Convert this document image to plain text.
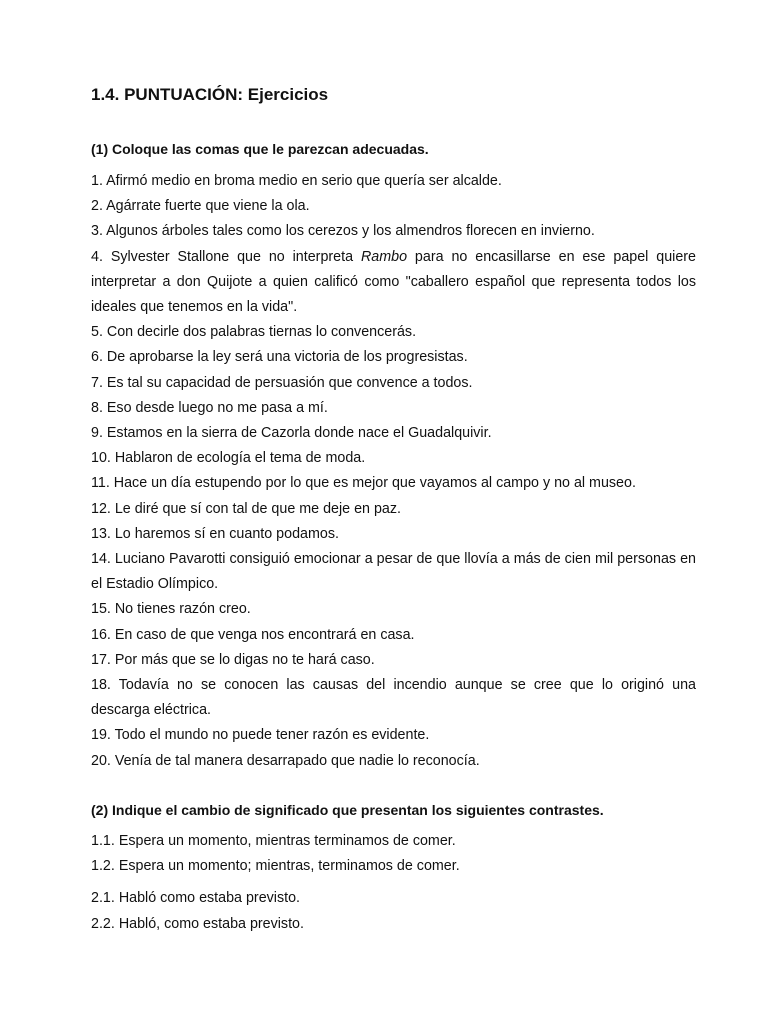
1.4. PUNTUACIÓN: Ejercicios
(1) Coloque las comas que le parezcan adecuadas.

1. Afirmó medio en broma medio en serio que quería ser alcalde.

2. Agárrate fuerte que viene la ola.

3. Algunos árboles tales como los cerezos y los almendros florecen en invierno.

4. Sylvester Stallone que no interpreta Rambo para no encasillarse en ese papel quiere interpretar a don Quijote a quien calificó como "caballero español que representa todos los ideales que tenemos en la vida".

5. Con decirle dos palabras tiernas lo convencerás.

6. De aprobarse la ley será una victoria de los progresistas.

7. Es tal su capacidad de persuasión que convence a todos.

8. Eso desde luego no me pasa a mí.

9. Estamos en la sierra de Cazorla donde nace el Guadalquivir.

10. Hablaron de ecología el tema de moda.

11. Hace un día estupendo por lo que es mejor que vayamos al campo y no al museo.

12. Le diré que sí con tal de que me deje en paz.

13. Lo haremos sí en cuanto podamos.

14. Luciano Pavarotti consiguió emocionar a pesar de que llovía a más de cien mil personas en el Estadio Olímpico.

15. No tienes razón creo.

16. En caso de que venga nos encontrará en casa.

17. Por más que se lo digas no te hará caso.

18. Todavía no se conocen las causas del incendio aunque se cree que lo originó una descarga eléctrica.

19. Todo el mundo no puede tener razón es evidente.

20. Venía de tal manera desarrapado que nadie lo reconocía.

(2) Indique el cambio de significado que presentan los siguientes contrastes.
1.1. Espera un momento, mientras terminamos de comer.
1.2. Espera un momento; mientras, terminamos de comer.
2.1. Habló como estaba previsto.
2.2. Habló, como estaba previsto.
